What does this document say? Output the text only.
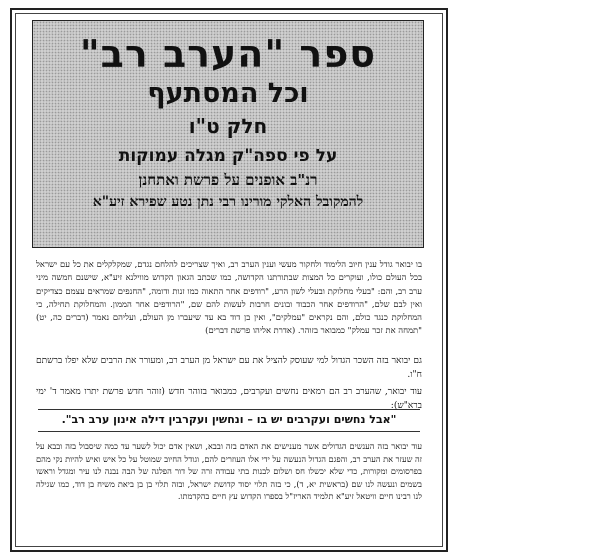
ספר "הערב רב"
וכל המסתעף
חלק ט"ו
על פי ספה"ק מגלה עמוקות
רנ"ב אופנים על פרשת ואתחנן
להמקובל האלקי מורינו רבי נתן נטע שפירא זיע"א
בו יבואר גודל ענין חיוב הלימוד ולחקור מעשי וענין הערב רב, ואיך שצריכים להלחם נגדם, שמקלקלים את כל עם ישראל בכל העולם כולו, ועוקרים כל המצות שבתורתנו הקדושה, כמו שכתב הגאון הקדוש מווילנא זיע"א, שישנם חמשה מיני ערב רב, והם: "בעלי מחלוקת ובעלי לשון הרע, "רודפים אחר התאוה כמו זנות ודומה, "החנפים שמראים עצמם כצדיקים ואין לבם שלם, "הרודפים אחר הכבוד ובונים חרבות לעשות להם שם, "הרודפים אחר הממון. והמחלוקת תחילה, כי המחלוקת כנגד כולם, והם נקראים "עמלקים", ואין בן דוד בא עד שיעברו מן העולם, ועליהם נאמר (דברים כה, יט) "תמחה את זכר עמלק" כמבואר בזוהר. (אדרת אליהו פרשת דברים)
גם יבואר בזה השכר הגדול למי שעוסק להציל את עם ישראל מן הערב רב, ומעורר את הרבים שלא יפלו ברשתם ח"ו.
עוד יבואר, שהערב רב הם רמאים נחשים ועקרבים, כמבואר בזוהר חדש (זוהר חדש פרשת יתרו מאמר ד' ימי ברא"ש):
"אבל נחשים ועקרבים יש בו – ונחשין ועקרבין דילה אינון ערב רב".
עוד יבואר בזה הענשים הגדולים אשר מענישים את האדם בזה ובבא, ושאין אדם יכול לשער עד כמה שיסבול בזה ובבא על זה שעזר את הערב רב, והפגם הגדול הנעשה על ידי אלו העוזרים להם, וגודל החיוב שמוטל על כל איש ואיש להיות נקי מהם בפרסומים ומקורות, כדי שלא יכשלו חס ושלום לבנות בתי עבודה זרה של דור הפלגה של הבה נבנה לנו עיר ומגדל וראשו בשמים ונעשה לנו שם (בראשית יא, ד), כי בזה תלוי יסוד קדושת ישראל, ובזה תלוי בן בן ביאת משיח בן דוד, כמו שגילה לנו רבינו חיים וויטאל זיע"א תלמיד האריז"ל בספרו הקדוש עץ חיים בהקדמתו.
